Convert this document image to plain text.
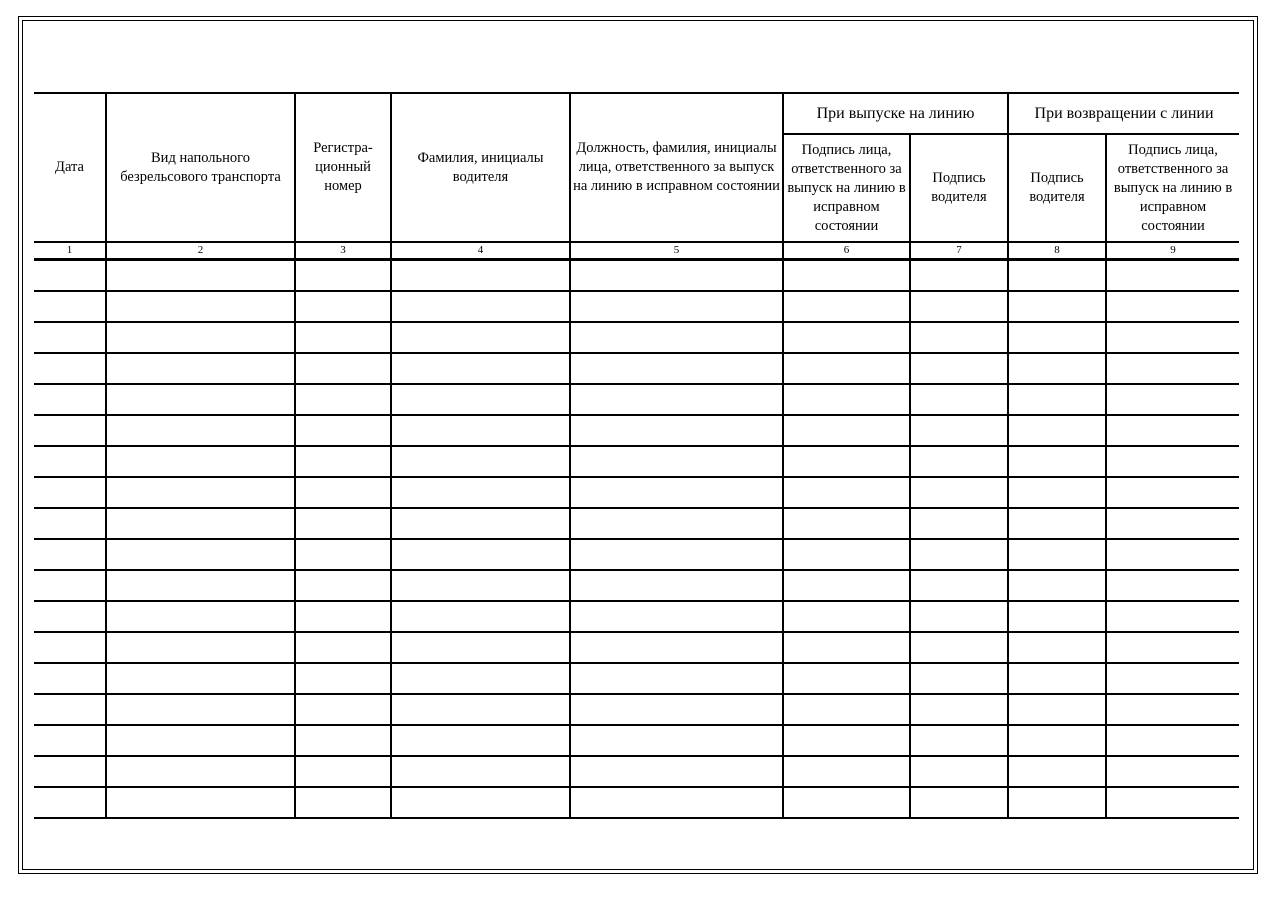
Дата	Вид напольного безрельсового транспорта	Регистра-ционный номер	Фамилия, инициалы водителя	Должность, фамилия, инициалы лица, ответственного за выпуск на линию в исправном состоянии	При выпуске на линию		При возвращении с линии	
					Подпись лица, ответственного за выпуск на линию в исправном состоянии	Подпись водителя	Подпись водителя	Подпись лица, ответственного за выпуск на линию в исправном состоянии
1	2	3	4	5	6	7	8	9
